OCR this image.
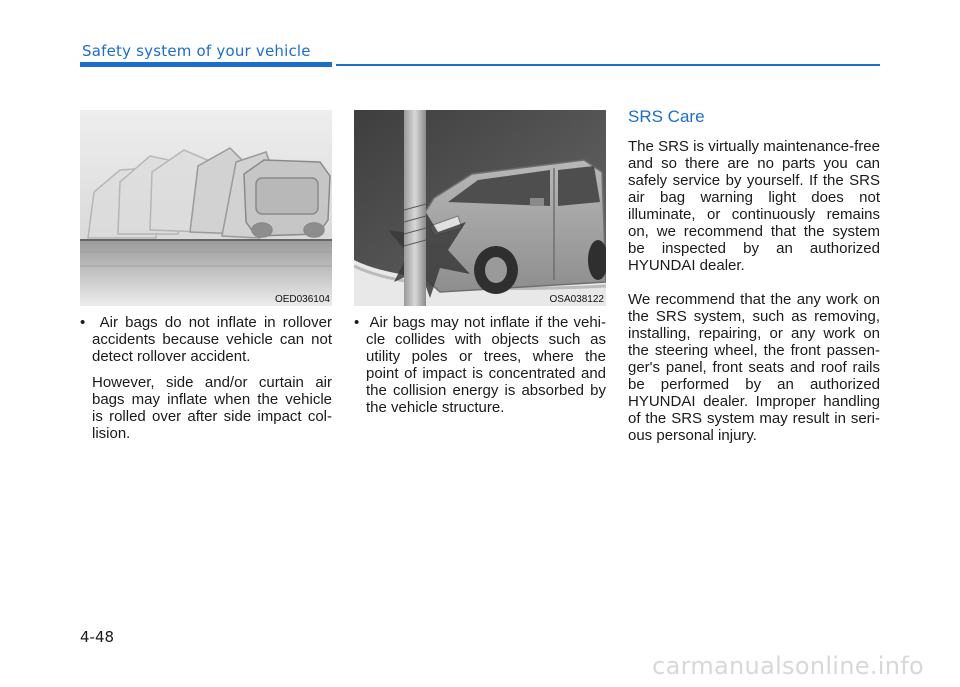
Safety system of your vehicle
OED036104	OSA038122

•  Air bags do not inflate in rollover accidents because vehicle can not detect rollover accident.

However, side and/or curtain air bags may inflate when the vehicle is rolled over after side impact col-lision.

•  Air bags may not inflate if the vehi-cle collides with objects such as utility poles or trees, where the point of impact is concentrated and the collision energy is absorbed by the vehicle structure.

SRS Care

The SRS is virtually maintenance-free and so there are no parts you can safely service by yourself. If the SRS air bag warning light does not illuminate, or continuously remains on, we recommend that the system be inspected by an authorized HYUNDAI dealer.

We recommend that the any work on the SRS system, such as removing, installing, repairing, or any work on the steering wheel, the front passen-ger's panel, front seats and roof rails be performed by an authorized HYUNDAI dealer. Improper handling of the SRS system may result in seri-ous personal injury.

4-48
carmanualsonline.info
